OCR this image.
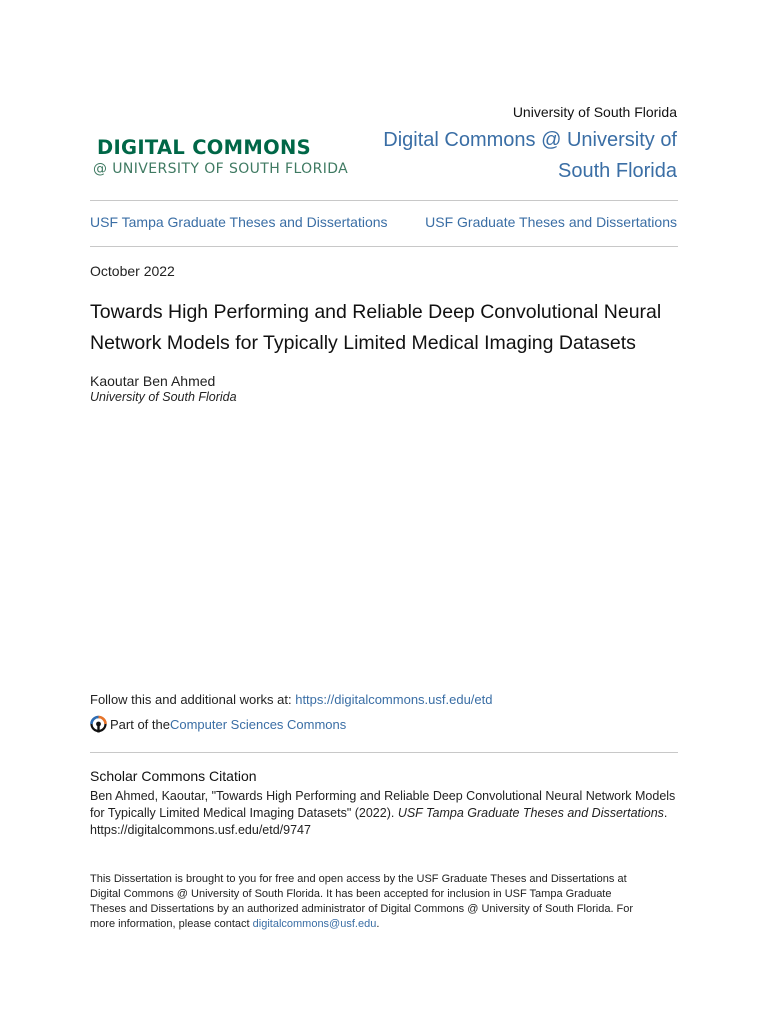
University of South Florida
DIGITAL COMMONS
@ UNIVERSITY OF SOUTH FLORIDA
Digital Commons @ University of South Florida
USF Tampa Graduate Theses and Dissertations	USF Graduate Theses and Dissertations
October 2022
Towards High Performing and Reliable Deep Convolutional Neural Network Models for Typically Limited Medical Imaging Datasets
Kaoutar Ben Ahmed
University of South Florida
Follow this and additional works at: https://digitalcommons.usf.edu/etd
Part of the Computer Sciences Commons
Scholar Commons Citation
Ben Ahmed, Kaoutar, "Towards High Performing and Reliable Deep Convolutional Neural Network Models for Typically Limited Medical Imaging Datasets" (2022). USF Tampa Graduate Theses and Dissertations.
https://digitalcommons.usf.edu/etd/9747
This Dissertation is brought to you for free and open access by the USF Graduate Theses and Dissertations at Digital Commons @ University of South Florida. It has been accepted for inclusion in USF Tampa Graduate Theses and Dissertations by an authorized administrator of Digital Commons @ University of South Florida. For more information, please contact digitalcommons@usf.edu.
